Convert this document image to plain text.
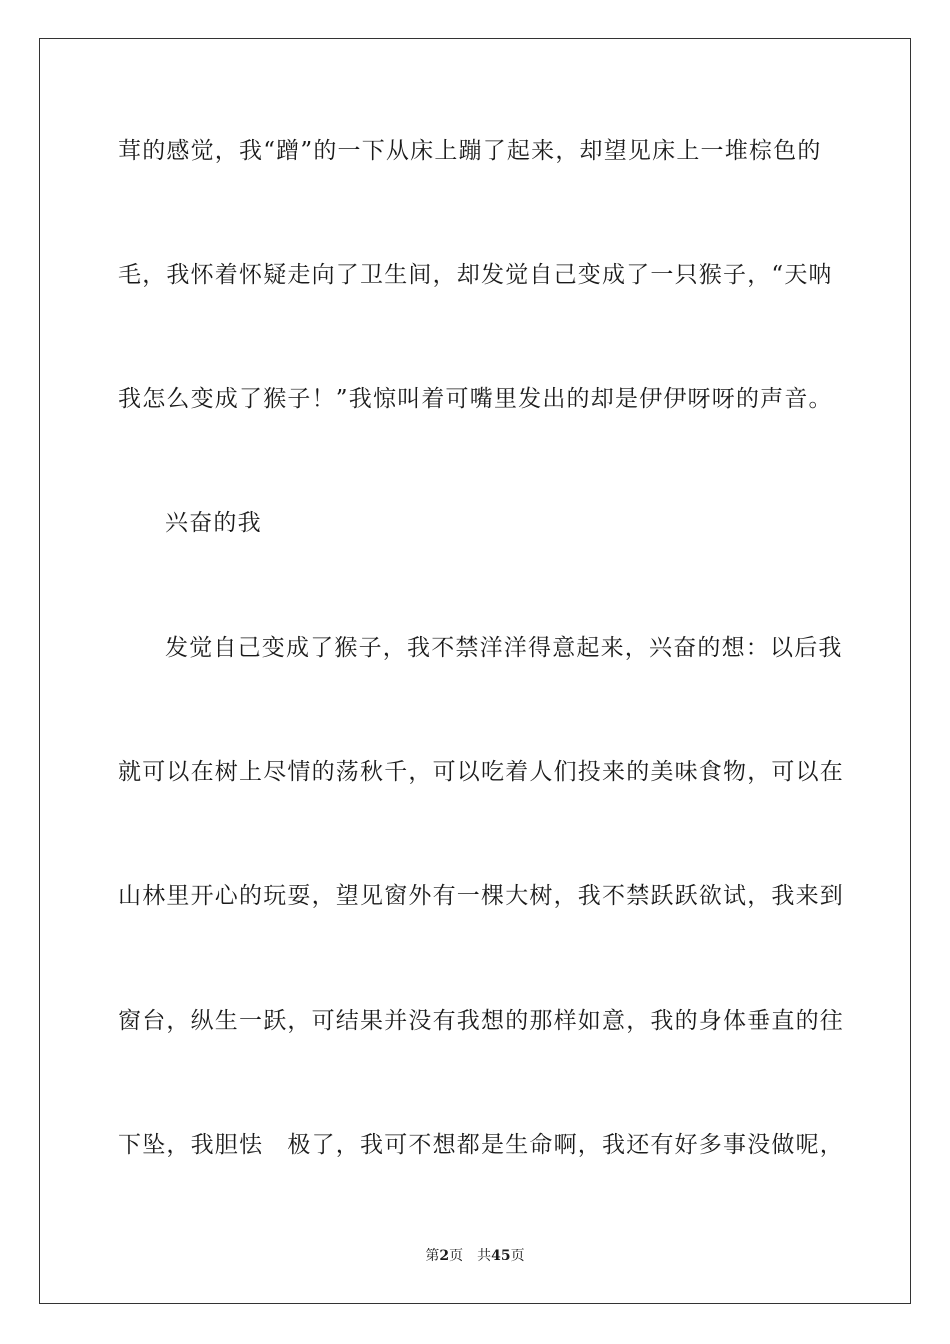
茸的感觉，我“蹭”的一下从床上蹦了起来，却望见床上一堆棕色的
毛，我怀着怀疑走向了卫生间，却发觉自己变成了一只猴子，“天呐
我怎么变成了猴子！”我惊叫着可嘴里发出的却是伊伊呀呀的声音。
兴奋的我
发觉自己变成了猴子，我不禁洋洋得意起来，兴奋的想：以后我
就可以在树上尽情的荡秋千，可以吃着人们投来的美味食物，可以在
山林里开心的玩耍，望见窗外有一棵大树，我不禁跃跃欲试，我来到
窗台，纵生一跃，可结果并没有我想的那样如意，我的身体垂直的往
下坠，我胆怯　极了，我可不想都是生命啊，我还有好多事没做呢，
第2页 共45页
